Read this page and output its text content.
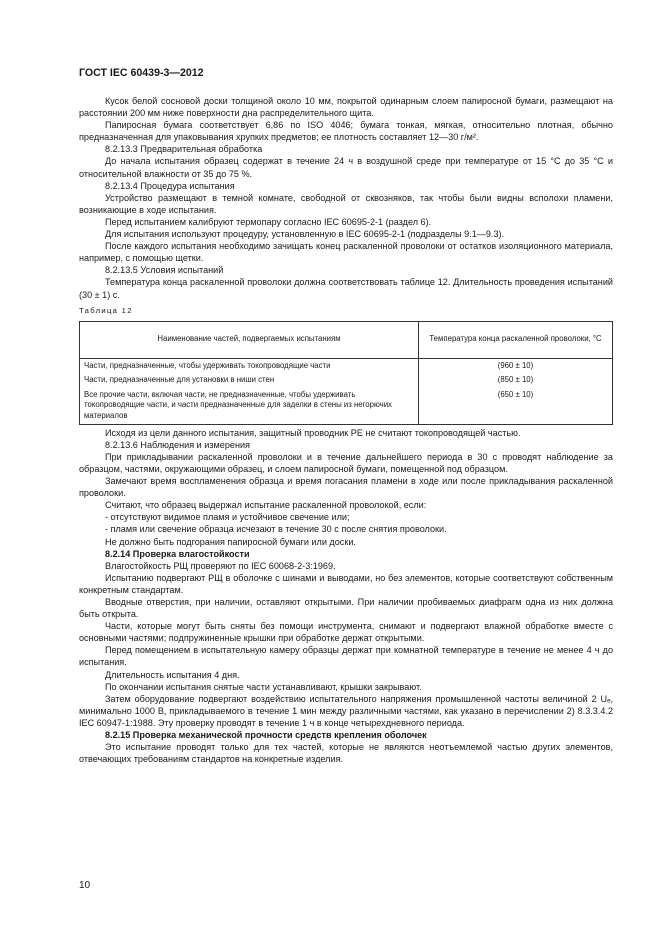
ГОСТ IEC 60439-3—2012

Кусок белой сосновой доски толщиной около 10 мм, покрытой одинарным слоем папиросной бумаги, размещают на расстоянии 200 мм ниже поверхности дна распределительного щита.

Папиросная бумага соответствует 6,86 по ISO 4046; бумага тонкая, мягкая, относительно плотная, обычно предназначенная для упаковывания хрупких предметов; ее плотность составляет 12—30 г/м².

8.2.13.3 Предварительная обработка

До начала испытания образец содержат в течение 24 ч в воздушной среде при температуре от 15 °С до 35 °С и относительной влажности от 35 до 75 %.

8.2.13.4 Процедура испытания

Устройство размещают в темной комнате, свободной от сквозняков, так чтобы были видны всполохи пламени, возникающие в ходе испытания.

Перед испытанием калибруют термопару согласно IEC 60695-2-1 (раздел 6).

Для испытания используют процедуру, установленную в IEC 60695-2-1 (подразделы 9.1—9.3).

После каждого испытания необходимо зачищать конец раскаленной проволоки от остатков изоляционного материала, например, с помощью щетки.

8.2.13.5 Условия испытаний

Температура конца раскаленной проволоки должна соответствовать таблице 12. Длительность проведения испытаний (30 ± 1) с.

Таблица 12

Наименование частей, подвергаемых испытаниям	Температура конца раскаленной проволоки, °С
Части, предназначенные, чтобы удерживать токопроводящие части	(960 ± 10)
Части, предназначенные для установки в ниши стен	(850 ± 10)
Все прочие части, включая части, не предназначенные, чтобы удерживать токопроводящие части, и части предназначенные для заделки в стены из негорючих материалов	(650 ± 10)

Исходя из цели данного испытания, защитный проводник РЕ не считают токопроводящей частью.

8.2.13.6 Наблюдения и измерения

При прикладывании раскаленной проволоки и в течение дальнейшего периода в 30 с проводят наблюдение за образцом, частями, окружающими образец, и слоем папиросной бумаги, помещенной под образцом.

Замечают время воспламенения образца и время погасания пламени в ходе или после прикладывания раскаленной проволоки.

Считают, что образец выдержал испытание раскаленной проволокой, если:

- отсутствуют видимое пламя и устойчивое свечение или;

- пламя или свечение образца исчезают в течение 30 с после снятия проволоки.

Не должно быть подгорания папиросной бумаги или доски.

8.2.14 Проверка влагостойкости

Влагостойкость РЩ проверяют по IEC 60068-2-3:1969.

Испытанию подвергают РЩ в оболочке с шинами и выводами, но без элементов, которые соответствуют собственным конкретным стандартам.

Вводные отверстия, при наличии, оставляют открытыми. При наличии пробиваемых диафрагм одна из них должна быть открыта.

Части, которые могут быть сняты без помощи инструмента, снимают и подвергают влажной обработке вместе с основными частями; подпружиненные крышки при обработке держат открытыми.

Перед помещением в испытательную камеру образцы держат при комнатной температуре в течение не менее 4 ч до испытания.

Длительность испытания 4 дня.

По окончании испытания снятые части устанавливают, крышки закрывают.

Затем оборудование подвергают воздействию испытательного напряжения промышленной частоты величиной 2 Uₑ, минимально 1000 В, прикладываемого в течение 1 мин между различными частями, как указано в перечислении 2) 8.3.3.4.2 IEC 60947-1:1988. Эту проверку проводят в течение 1 ч в конце четырехдневного периода.

8.2.15 Проверка механической прочности средств крепления оболочек

Это испытание проводят только для тех частей, которые не являются неотъемлемой частью других элементов, отвечающих требованиям стандартов на конкретные изделия.

10
